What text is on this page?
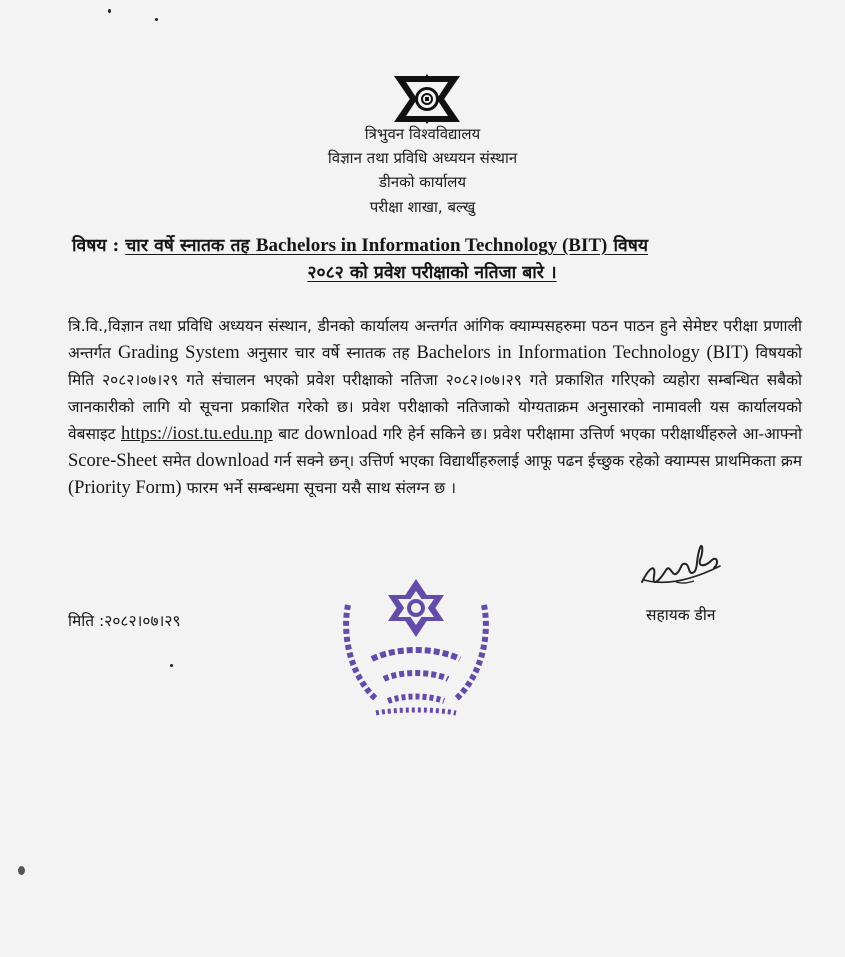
त्रिभुवन विश्वविद्यालय
विज्ञान तथा प्रविधि अध्ययन संस्थान
डीनको कार्यालय
परीक्षा शाखा, बल्खु
विषय : चार वर्षे स्नातक तह Bachelors in Information Technology (BIT) विषय
२०८२ को प्रवेश परीक्षाको नतिजा बारे ।
त्रि.वि.,विज्ञान तथा प्रविधि अध्ययन संस्थान, डीनको कार्यालय अन्तर्गत आंगिक क्याम्पसहरुमा पठन पाठन हुने सेमेष्टर परीक्षा प्रणाली अन्तर्गत Grading System अनुसार चार वर्षे स्नातक तह Bachelors in Information Technology (BIT) विषयको मिति २०८२।०७।२९ गते संचालन भएको प्रवेश परीक्षाको नतिजा २०८२।०७।२९ गते प्रकाशित गरिएको व्यहोरा सम्बन्धित सबैको जानकारीको लागि यो सूचना प्रकाशित गरेको छ। प्रवेश परीक्षाको नतिजाको योग्यताक्रम अनुसारको नामावली यस कार्यालयको वेबसाइट https://iost.tu.edu.np बाट download गरि हेर्न सकिने छ। प्रवेश परीक्षामा उत्तिर्ण भएका परीक्षार्थीहरुले आ-आफ्नो Score-Sheet समेत download गर्न सक्ने छन्। उत्तिर्ण भएका विद्यार्थीहरुलाई आफू पढन ईच्छुक रहेको क्याम्पस प्राथमिकता क्रम (Priority Form) फारम भर्ने सम्बन्धमा सूचना यसै साथ संलग्न छ ।
मिति :२०८२।०७।२९	सहायक डीन
